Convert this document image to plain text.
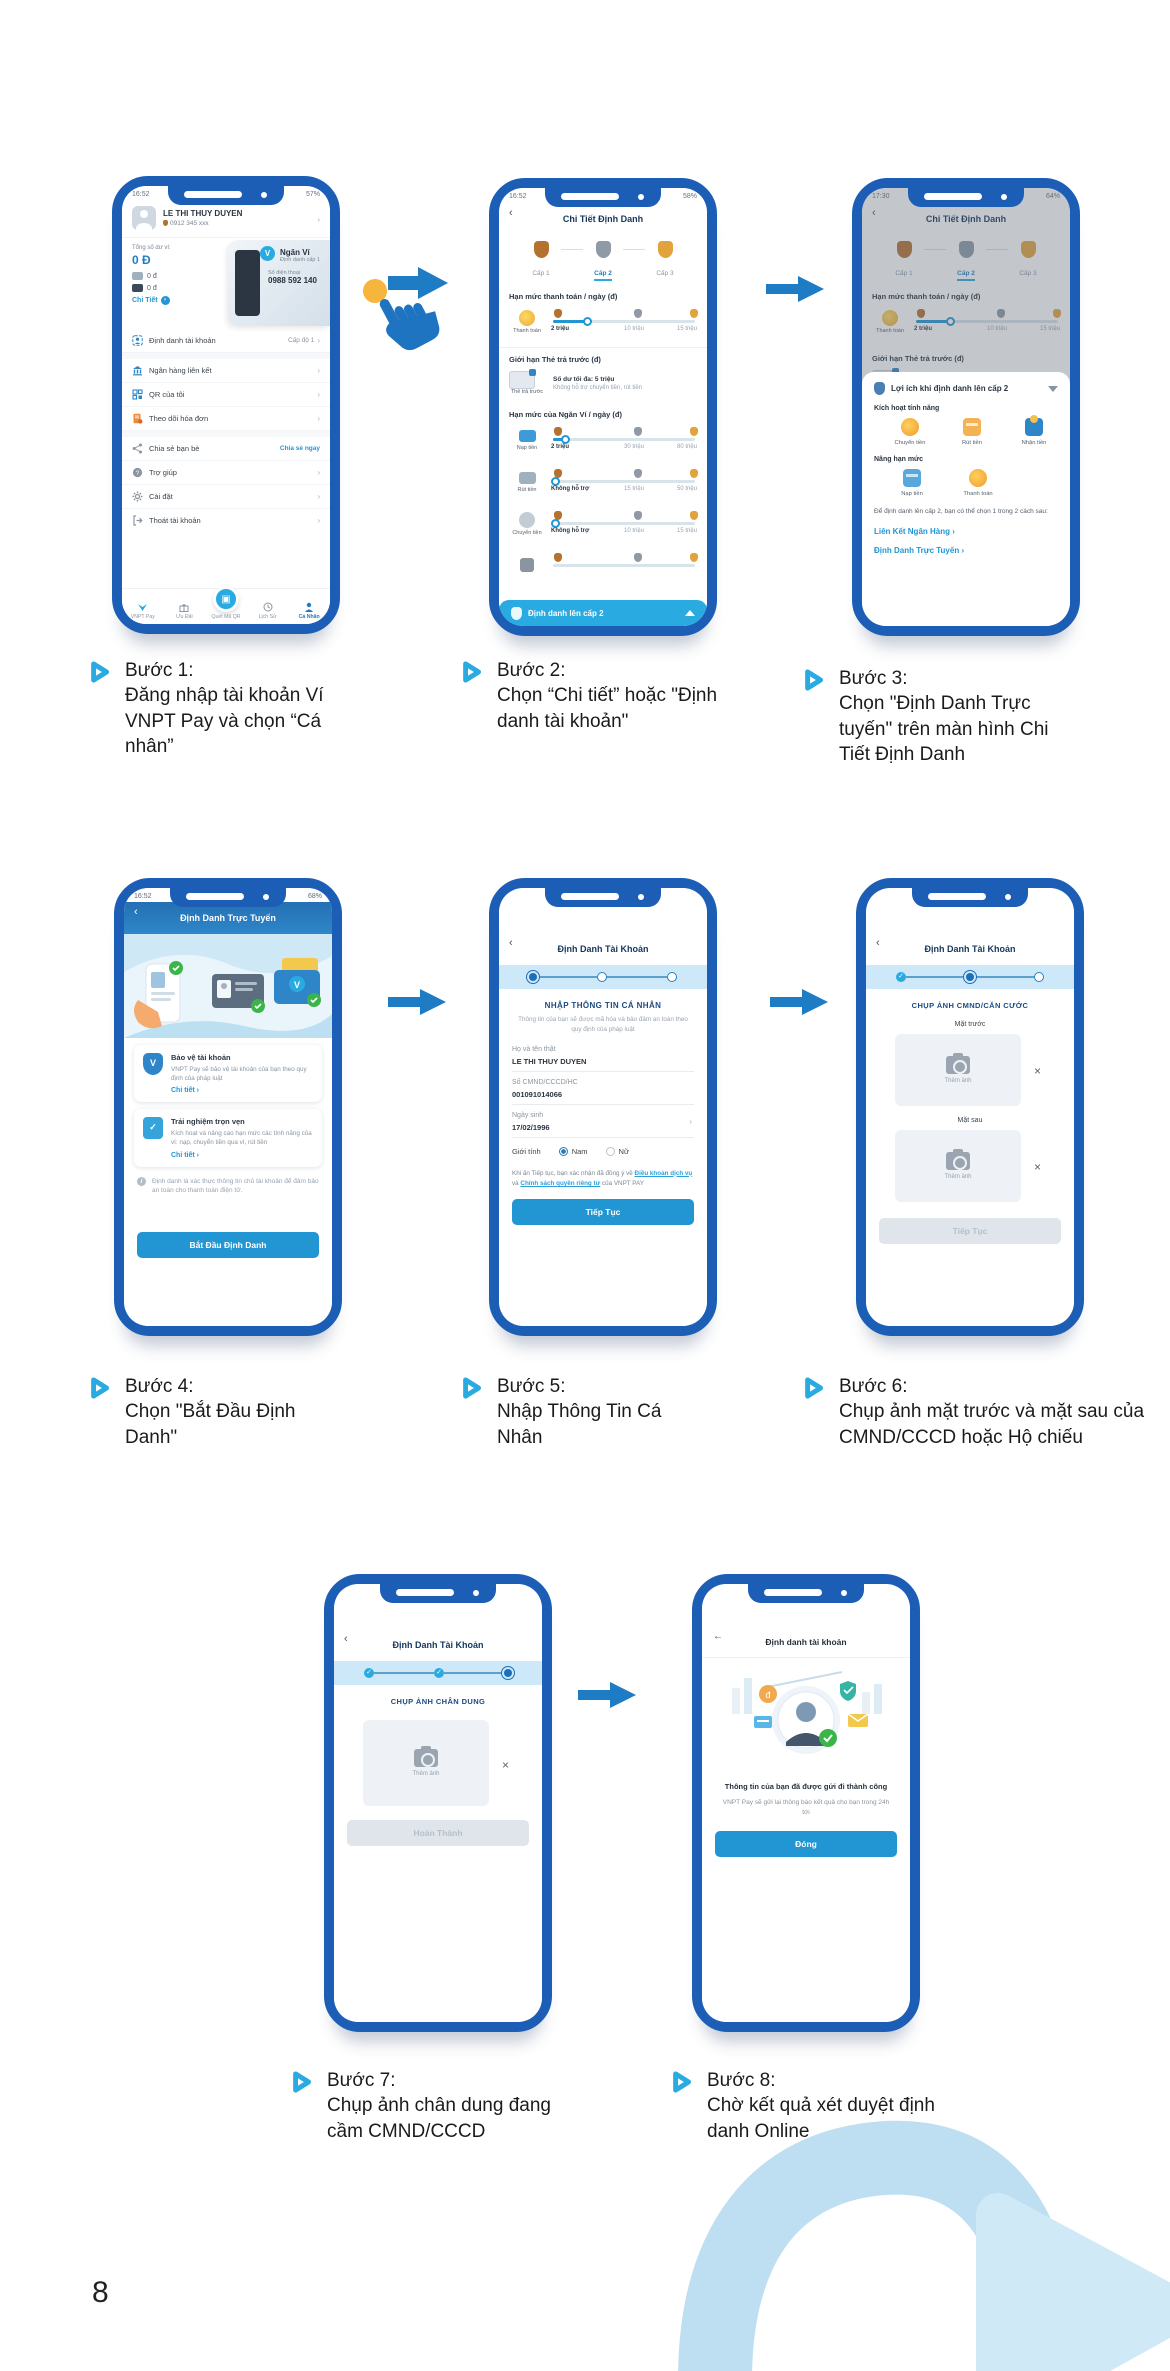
16:52	57%
LE THI THUY DUYEN
0912 345 xxx
›
Tổng số dư ví:
0 Đ
0 đ
0 đ
Chi Tiết	›
V	Ngăn Ví
Định danh cấp 1
Số điện thoại
0988 592 140
Định danh tài khoản	Cấp độ 1
›
Ngân hàng liên kết
›
QR của tôi
›
Theo dõi hóa đơn
›
Chia sẻ bạn bè	Chia sẻ ngay
? Trợ giúp
›
Cài đặt
›
Thoát tài khoản
›
VNPT Pay	Ưu Đãi
▣
Quét Mã QR	Lịch Sử	Cá Nhân
16:52	58%
‹	Chi Tiết Định Danh
Cấp 1	Cấp 2	Cấp 3
Hạn mức thanh toán / ngày (đ)
Thanh toán	2 triệu	10 triệu	15 triệu
Giới hạn Thẻ trả trước (đ)
Thẻ trả trước
Số dư tối đa: 5 triệu
Không hỗ trợ chuyển tiền, rút tiền
Hạn mức của Ngăn Ví / ngày (đ)
Nạp tiền	2 triệu	30 triệu	80 triệu
Rút tiền	Không hỗ trợ	15 triệu	50 triệu
Chuyển tiền	Không hỗ trợ	10 triệu	15 triệu
Định danh lên cấp 2
17:30	64%
‹	Chi Tiết Định Danh
Cấp 1	Cấp 2	Cấp 3
Hạn mức thanh toán / ngày (đ)
Thanh toán	2 triệu	10 triệu	15 triệu
Giới hạn Thẻ trả trước (đ)
Lợi ích khi định danh lên cấp 2
Kích hoạt tính năng
Chuyển tiền	Rút tiền	Nhận tiền
Nâng hạn mức
Nạp tiền	Thanh toán
Để định danh lên cấp 2, bạn có thể chọn 1 trong 2 cách sau:
Liên Kết Ngân Hàng ›
Định Danh Trực Tuyến ›
16:52	68%
‹	Định Danh Trực Tuyến
V
V
Bảo vệ tài khoản
VNPT Pay sẽ bảo vệ tài khoản của bạn theo quy định của pháp luật
Chi tiết ›
✓
Trải nghiệm trọn vẹn
Kích hoạt và nâng cao hạn mức các tính năng của ví: nạp, chuyển tiền qua ví, rút tiền
Chi tiết ›
i	Định danh là xác thực thông tin chủ tài khoản để đảm bảo an toàn cho thanh toán điện tử.
Bắt Đầu Định Danh
‹	Định Danh Tài Khoản
NHẬP THÔNG TIN CÁ NHÂN
Thông tin của bạn sẽ được mã hóa và bảo đảm an toàn theo quy định của pháp luật
Họ và tên thật
LE THI THUY DUYEN
Số CMND/CCCD/HC
001091014066
Ngày sinh
17/02/1996
›
Giới tính	Nam	Nữ
Khi ấn Tiếp tục, bạn xác nhận đã đồng ý về Điều khoản dịch vụ và Chính sách quyền riêng tư của VNPT PAY
Tiếp Tục
‹	Định Danh Tài Khoản
✓
CHỤP ẢNH CMND/CĂN CƯỚC
Mặt trước
Thêm ảnh
×
Mặt sau
Thêm ảnh
×
Tiếp Tục
‹	Định Danh Tài Khoản
✓
✓
CHỤP ẢNH CHÂN DUNG
Thêm ảnh
×
Hoàn Thành
←	Định danh tài khoản
đ
Thông tin của bạn đã được gửi đi thành công
VNPT Pay sẽ gửi lại thông báo kết quả cho bạn trong 24h tới
Đóng
Bước 1:
Đăng nhập tài khoản Ví VNPT Pay và chọn “Cá nhân”
Bước 2:
Chọn “Chi tiết” hoặc "Định danh tài khoản"
Bước 3:
Chọn "Định Danh Trực tuyến" trên màn hình Chi Tiết Định Danh
Bước 4:
Chọn "Bắt Đầu Định Danh"
Bước 5:
Nhập Thông Tin Cá Nhân
Bước 6:
Chụp ảnh mặt trước và mặt sau của CMND/CCCD hoặc Hộ chiếu
Bước 7:
Chụp ảnh chân dung đang cầm CMND/CCCD
Bước 8:
Chờ kết quả xét duyệt định danh Online
8
